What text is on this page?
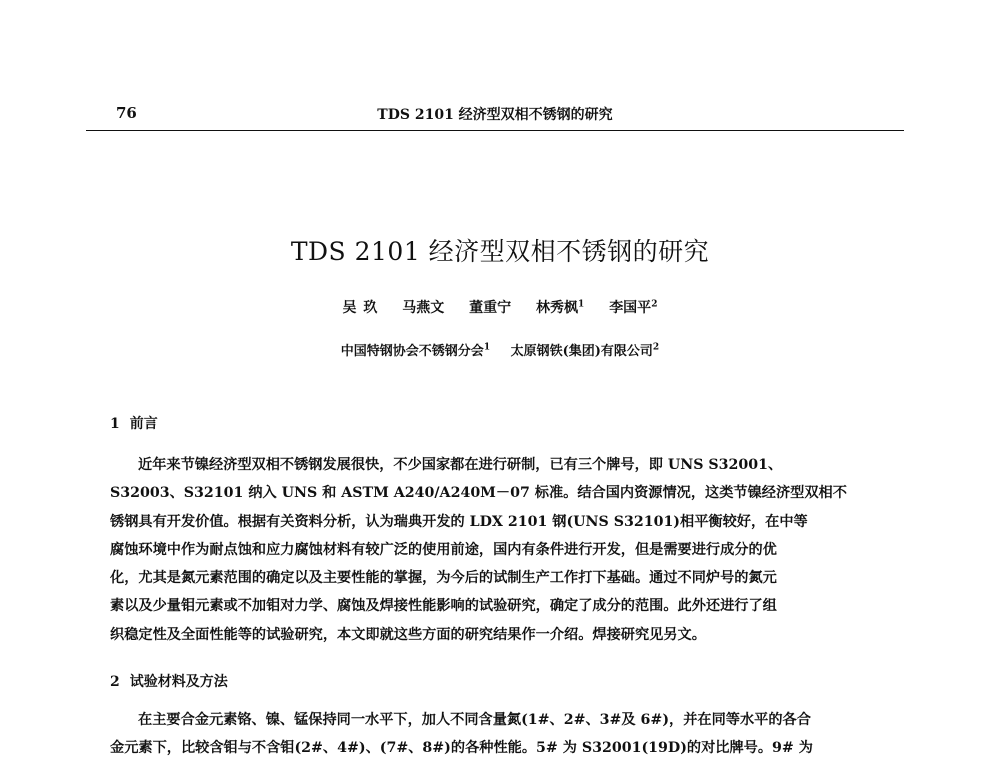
76	TDS 2101 经济型双相不锈钢的研究
TDS 2101 经济型双相不锈钢的研究
吴 玖 马燕文 董重宁 林秀枫$^1$ 李国平$^2$
中国特钢协会不锈钢分会$^1$ 太原钢铁(集团)有限公司$^2$
1 前言
近年来节镍经济型双相不锈钢发展很快，不少国家都在进行研制，已有三个牌号，即 UNS S32001、
S32003、S32101 纳入 UNS 和 ASTM A240/A240M－07 标准。结合国内资源情况，这类节镍经济型双相不
锈钢具有开发价值。根据有关资料分析，认为瑞典开发的 LDX 2101 钢(UNS S32101)相平衡较好，在中等
腐蚀环境中作为耐点蚀和应力腐蚀材料有较广泛的使用前途，国内有条件进行开发，但是需要进行成分的优
化，尤其是氮元素范围的确定以及主要性能的掌握，为今后的试制生产工作打下基础。通过不同炉号的氮元
素以及少量钼元素或不加钼对力学、腐蚀及焊接性能影响的试验研究，确定了成分的范围。此外还进行了组
织稳定性及全面性能等的试验研究，本文即就这些方面的研究结果作一介绍。焊接研究见另文。
2 试验材料及方法
在主要合金元素铬、镍、锰保持同一水平下，加人不同含量氮(1#、2#、3#及 6#)，并在同等水平的各合
金元素下，比较含钼与不含钼(2#、4#)、(7#、8#)的各种性能。5# 为 S32001(19D)的对比牌号。9# 为
